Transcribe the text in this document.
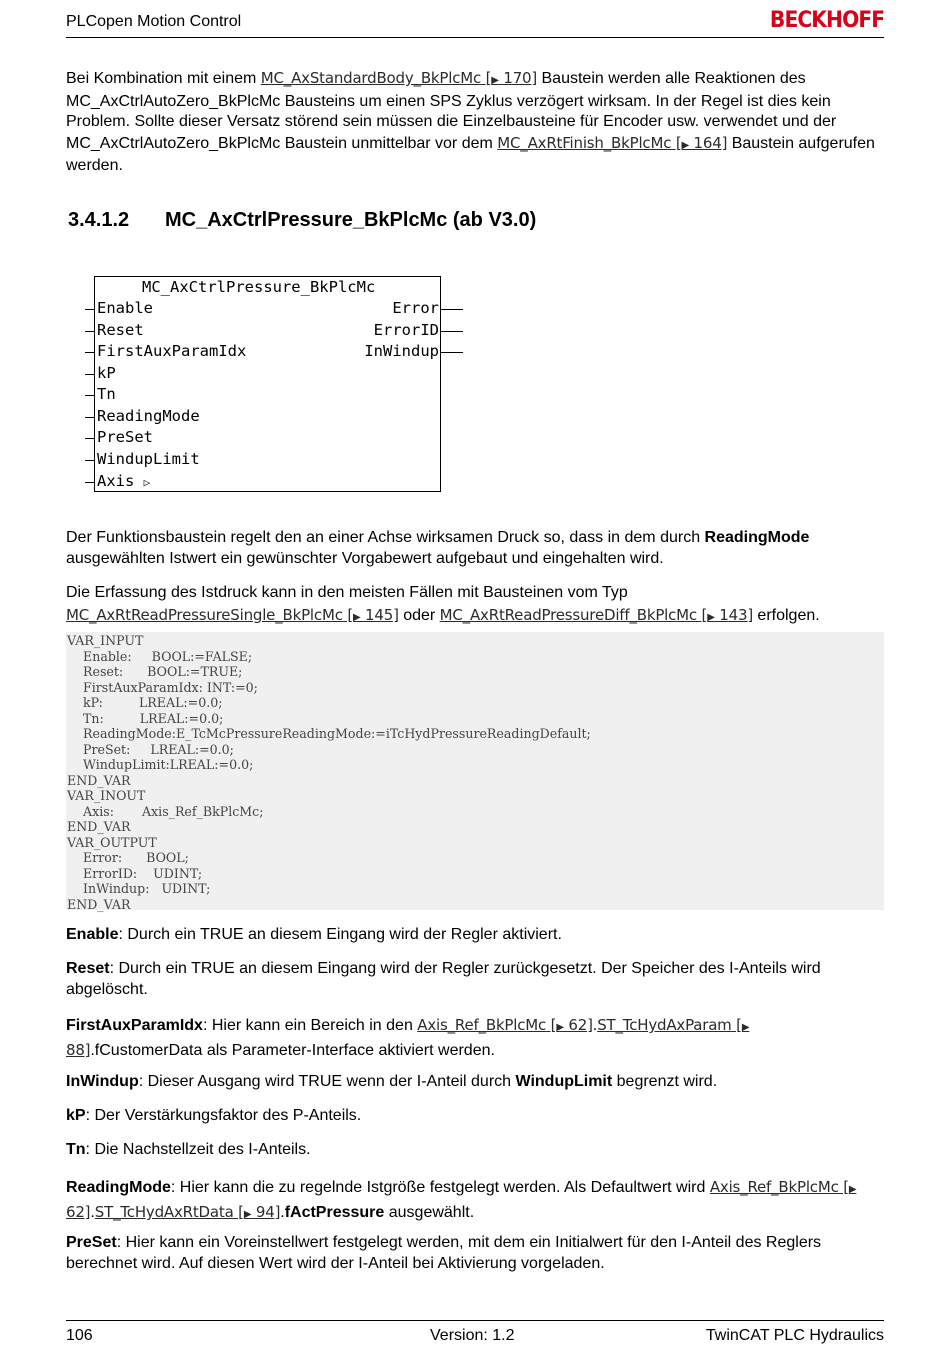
PLCopen Motion Control	BECKHOFF

Bei Kombination mit einem MC_AxStandardBody_BkPlcMc [▶ 170] Baustein werden alle Reaktionen des MC_AxCtrlAutoZero_BkPlcMc Bausteins um einen SPS Zyklus verzögert wirksam. In der Regel ist dies kein Problem. Sollte dieser Versatz störend sein müssen die Einzelbausteine für Encoder usw. verwendet und der MC_AxCtrlAutoZero_BkPlcMc Baustein unmittelbar vor dem MC_AxRtFinish_BkPlcMc [▶ 164] Baustein aufgerufen werden.

3.4.1.2 MC_AxCtrlPressure_BkPlcMc (ab V3.0)
MC_AxCtrlPressure_BkPlcMc
Enable
Reset
FirstAuxParamIdx
kP
Tn
ReadingMode
PreSet
WindupLimit
Axis ▷
Error
ErrorID
InWindup

Der Funktionsbaustein regelt den an einer Achse wirksamen Druck so, dass in dem durch ReadingMode ausgewählten Istwert ein gewünschter Vorgabewert aufgebaut und eingehalten wird.

Die Erfassung des Istdruck kann in den meisten Fällen mit Bausteinen vom Typ
MC_AxRtReadPressureSingle_BkPlcMc [▶ 145] oder MC_AxRtReadPressureDiff_BkPlcMc [▶ 143] erfolgen.

VAR_INPUT
Enable:     BOOL:=FALSE;
Reset:      BOOL:=TRUE;
FirstAuxParamIdx: INT:=0;
kP:         LREAL:=0.0;
Tn:         LREAL:=0.0;
ReadingMode:E_TcMcPressureReadingMode:=iTcHydPressureReadingDefault;
PreSet:     LREAL:=0.0;
WindupLimit:LREAL:=0.0;
END_VAR
VAR_INOUT
Axis:       Axis_Ref_BkPlcMc;
END_VAR
VAR_OUTPUT
Error:      BOOL;
ErrorID:    UDINT;
InWindup:   UDINT;
END_VAR

Enable: Durch ein TRUE an diesem Eingang wird der Regler aktiviert.

Reset: Durch ein TRUE an diesem Eingang wird der Regler zurückgesetzt. Der Speicher des I-Anteils wird abgelöscht.

FirstAuxParamIdx: Hier kann ein Bereich in den Axis_Ref_BkPlcMc [▶ 62].ST_TcHydAxParam [▶ 88].fCustomerData als Parameter-Interface aktiviert werden.

InWindup: Dieser Ausgang wird TRUE wenn der I-Anteil durch WindupLimit begrenzt wird.

kP: Der Verstärkungsfaktor des P-Anteils.

Tn: Die Nachstellzeit des I-Anteils.

ReadingMode: Hier kann die zu regelnde Istgröße festgelegt werden. Als Defaultwert wird Axis_Ref_BkPlcMc [▶ 62].ST_TcHydAxRtData [▶ 94].fActPressure ausgewählt.

PreSet: Hier kann ein Voreinstellwert festgelegt werden, mit dem ein Initialwert für den I-Anteil des Reglers berechnet wird. Auf diesen Wert wird der I-Anteil bei Aktivierung vorgeladen.

106	Version: 1.2	TwinCAT PLC Hydraulics
